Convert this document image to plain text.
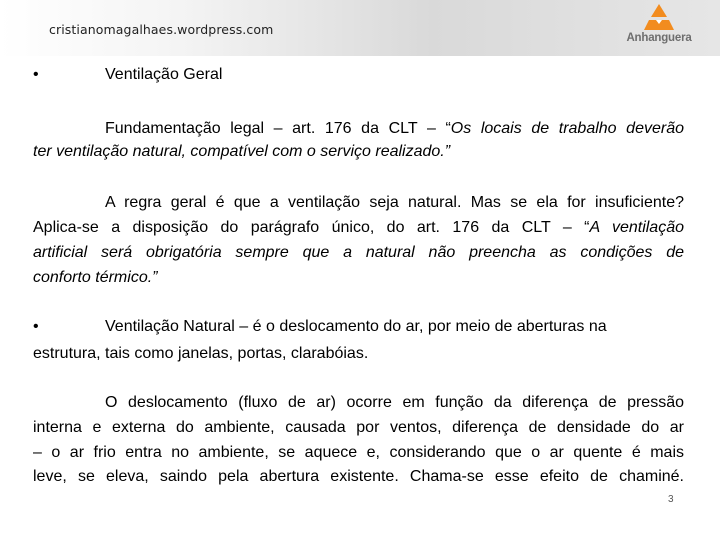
cristianomagalhaes.wordpress.com
Anhanguera
•	Ventilação Geral
Fundamentação legal – art. 176 da CLT – “Os locais de trabalho deverão
ter ventilação natural, compatível com o serviço realizado.”
A regra geral é que a ventilação seja natural. Mas se ela for insuficiente?
Aplica-se a disposição do parágrafo único, do art. 176 da CLT – “A ventilação
artificial será obrigatória sempre que a natural não preencha as condições de
conforto térmico.”
•	Ventilação Natural – é o deslocamento do ar, por meio de aberturas na
estrutura, tais como janelas, portas, clarabóias.
O deslocamento (fluxo de ar) ocorre em função da diferença de pressão
interna e externa do ambiente, causada por ventos, diferença de densidade do ar
– o ar frio entra no ambiente, se aquece e, considerando que o ar quente é mais
leve, se eleva, saindo pela abertura existente. Chama-se esse efeito de chaminé.
3
